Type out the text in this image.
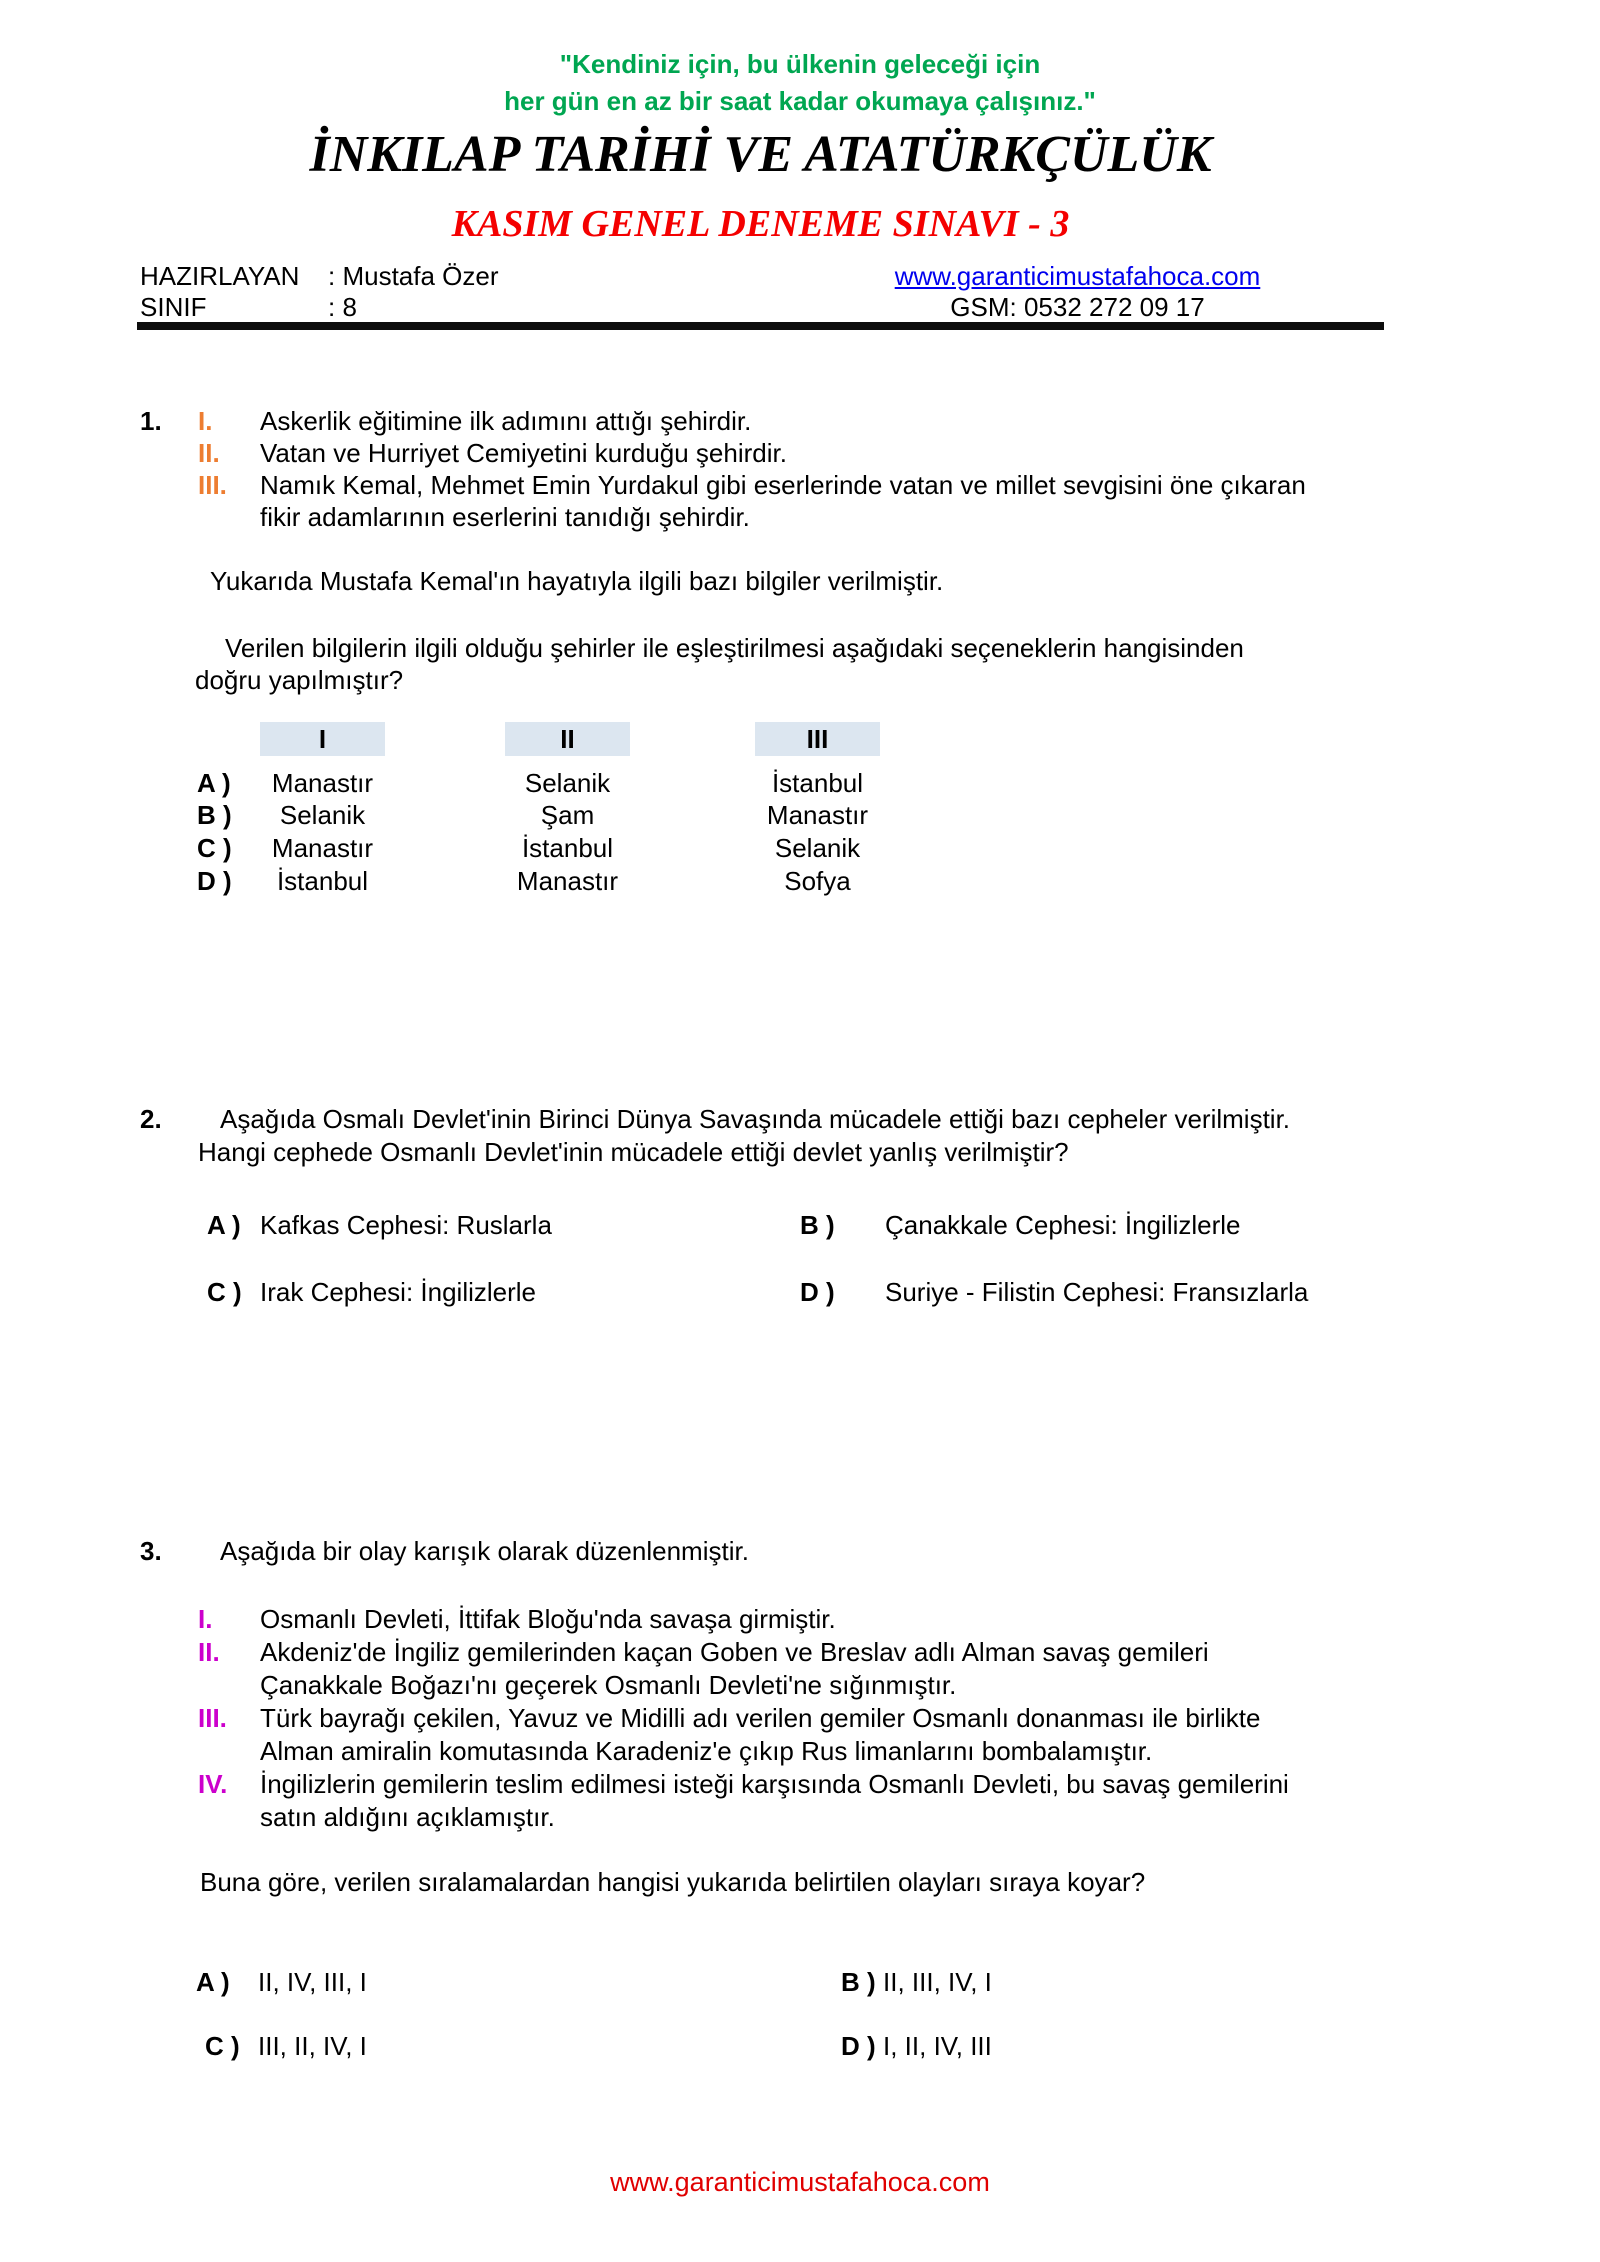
"Kendiniz için, bu ülkenin geleceği için
her gün en az bir saat kadar okumaya çalışınız."
İNKILAP TARİHİ VE ATATÜRKÇÜLÜK
KASIM GENEL DENEME SINAVI - 3
HAZIRLAYAN : Mustafa Özer
SINIF	: 8
www.garanticimustafahoca.com
GSM: 0532 272 09 17
1. I.	Askerlik eğitimine ilk adımını attığı şehirdir.
II.	Vatan ve Hurriyet Cemiyetini kurduğu şehirdir.
III.	Namık Kemal, Mehmet Emin Yurdakul gibi eserlerinde vatan ve millet sevgisini öne çıkaran
fikir adamlarının eserlerini tanıdığı şehirdir.
Yukarıda Mustafa Kemal'ın hayatıyla ilgili bazı bilgiler verilmiştir.
Verilen bilgilerin ilgili olduğu şehirler ile eşleştirilmesi aşağıdaki seçeneklerin hangisinden
doğru yapılmıştır?
I	II	III
A )	Manastır	Selanik	İstanbul
B )	Selanik	Şam	Manastır
C )	Manastır	İstanbul	Selanik
D )	İstanbul	Manastır	Sofya
2.	Aşağıda Osmalı Devlet'inin Birinci Dünya Savaşında mücadele ettiği bazı cepheler verilmiştir.
Hangi cephede Osmanlı Devlet'inin mücadele ettiği devlet yanlış verilmiştir?
A ) Kafkas Cephesi: Ruslarla	B ) Çanakkale Cephesi: İngilizlerle
C ) Irak Cephesi: İngilizlerle	D ) Suriye - Filistin Cephesi: Fransızlarla
3. Aşağıda bir olay karışık olarak düzenlenmiştir.
I.	Osmanlı Devleti, İttifak Bloğu'nda savaşa girmiştir.
II.	Akdeniz'de İngiliz gemilerinden kaçan Goben ve Breslav adlı Alman savaş gemileri
Çanakkale Boğazı'nı geçerek Osmanlı Devleti'ne sığınmıştır.
III.	Türk bayrağı çekilen, Yavuz ve Midilli adı verilen gemiler Osmanlı donanması ile birlikte
Alman amiralin komutasında Karadeniz'e çıkıp Rus limanlarını bombalamıştır.
IV.	İngilizlerin gemilerin teslim edilmesi isteği karşısında Osmanlı Devleti, bu savaş gemilerini
satın aldığını açıklamıştır.
Buna göre, verilen sıralamalardan hangisi yukarıda belirtilen olayları sıraya koyar?
A ) II, IV, III, I	B ) II, III, IV, I
C ) III, II, IV, I	D ) I, II, IV, III
www.garanticimustafahoca.com
